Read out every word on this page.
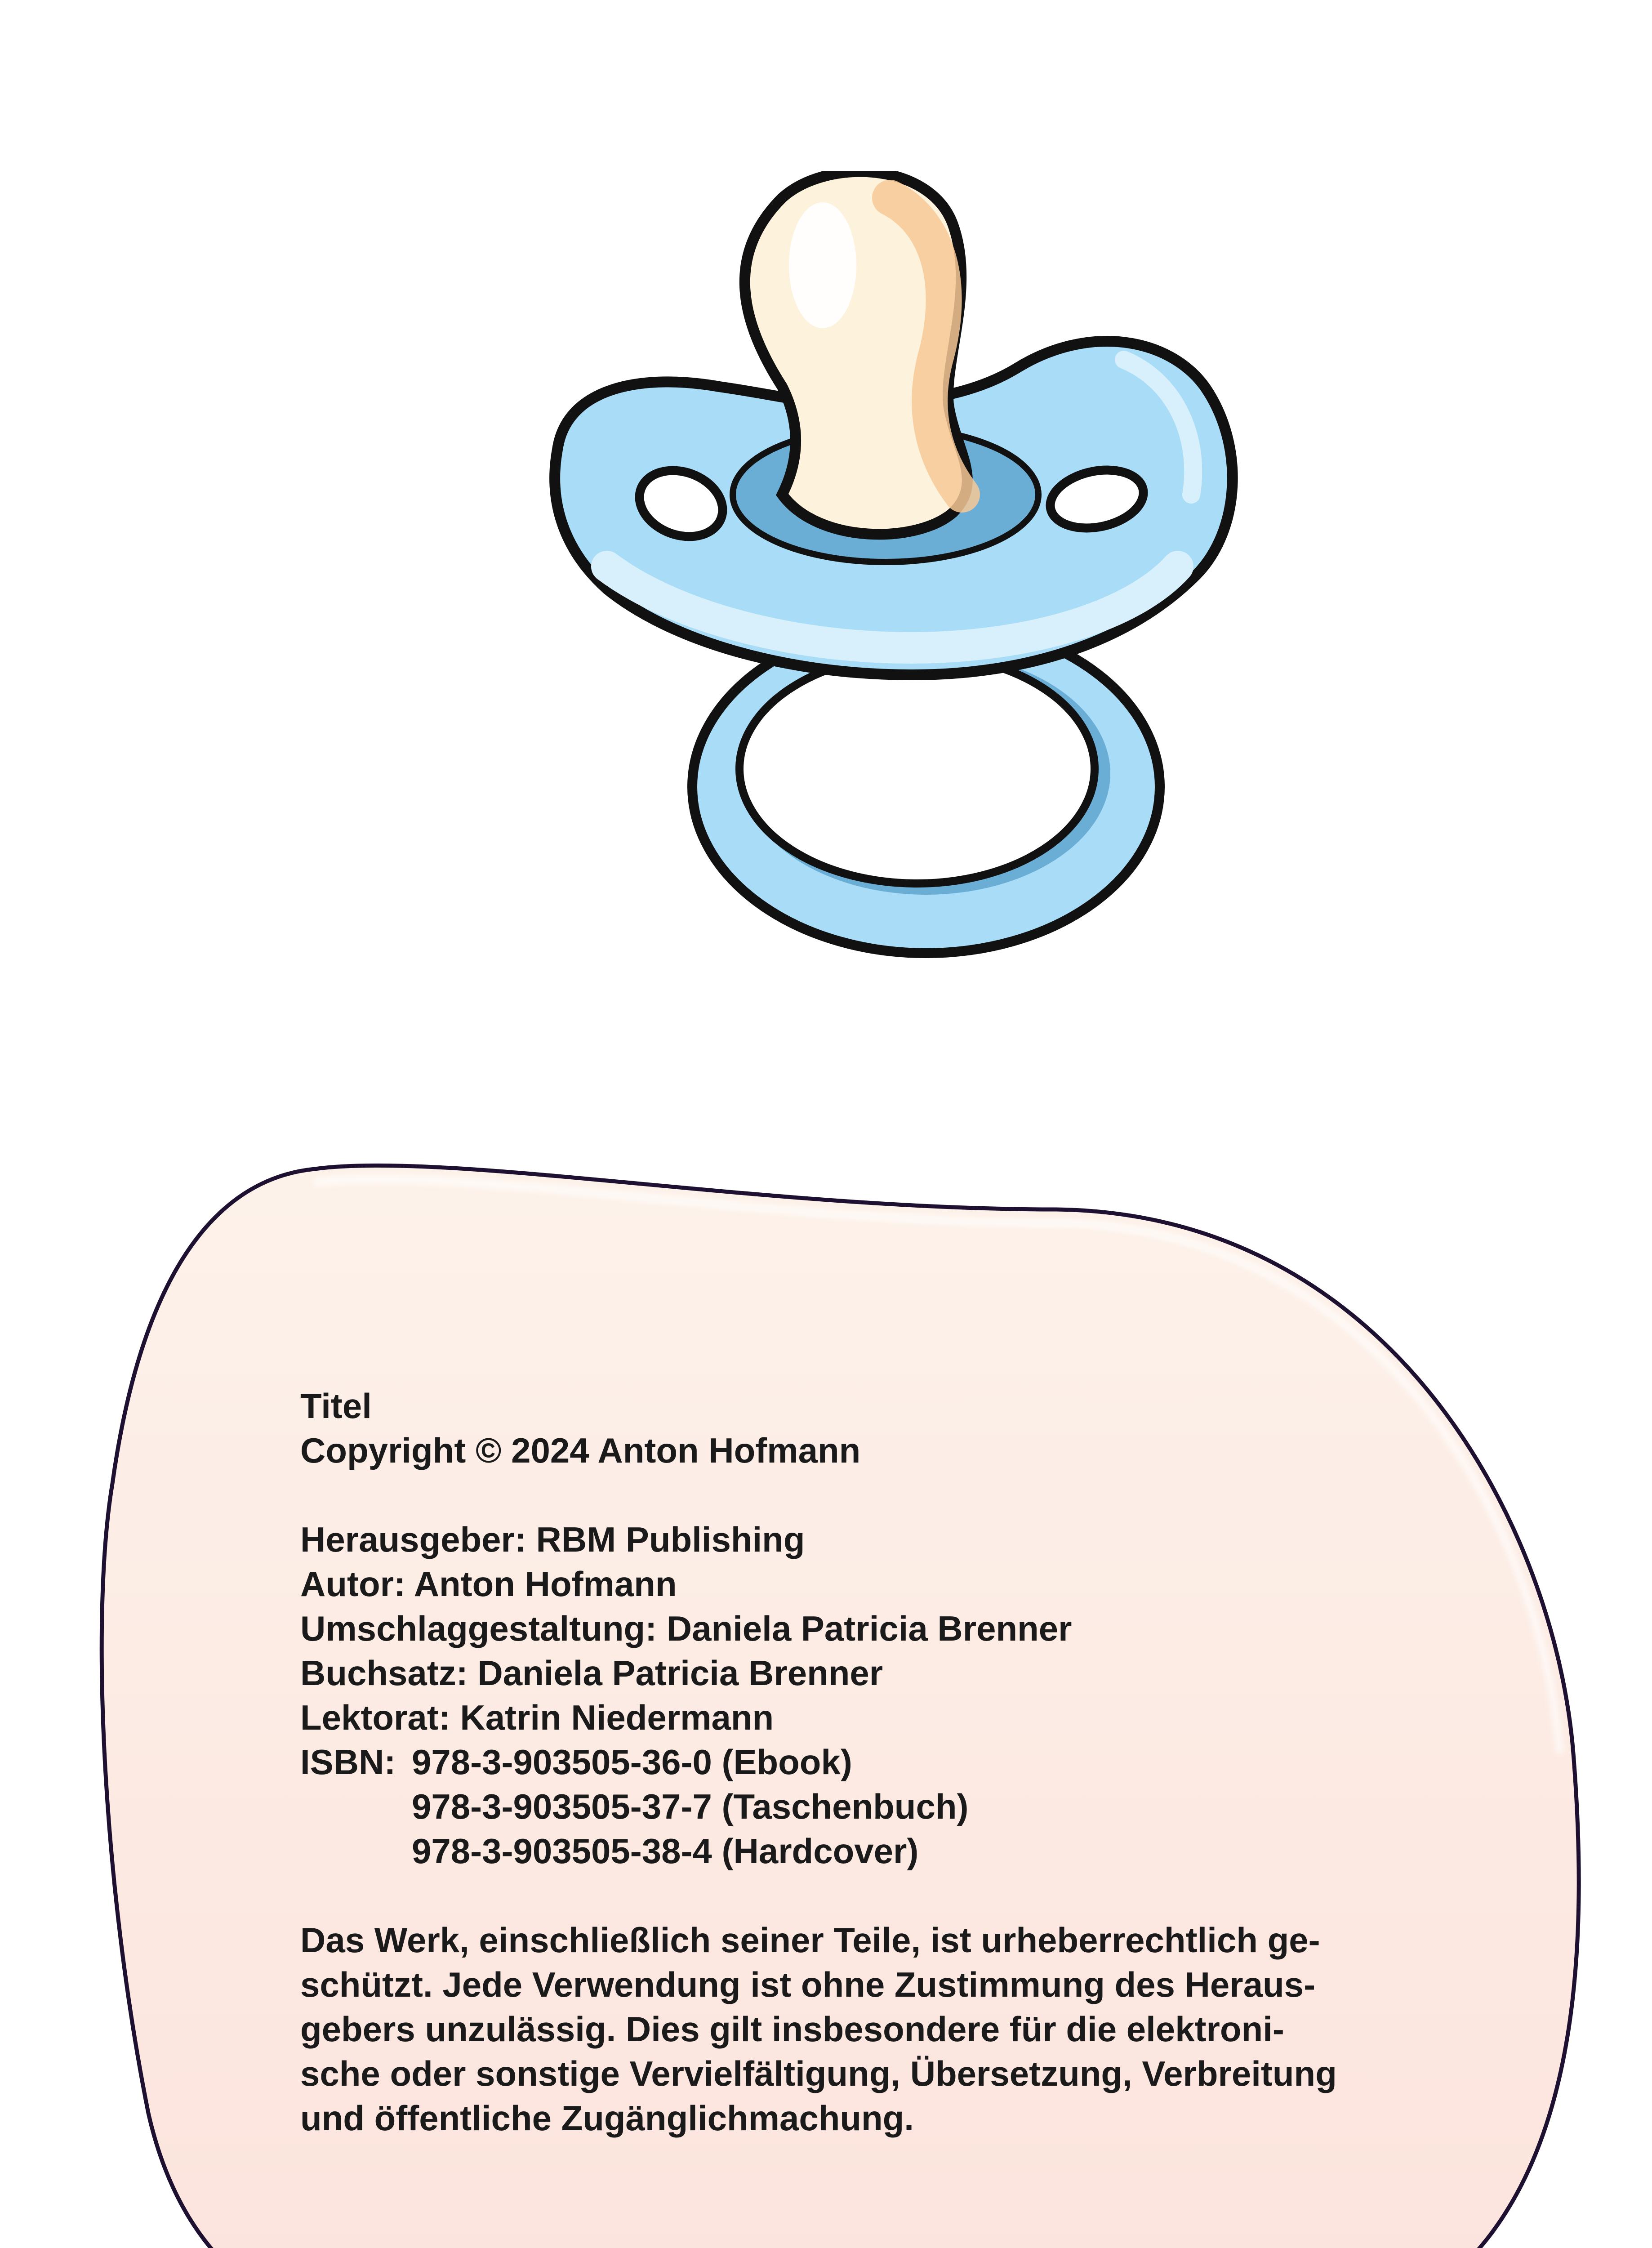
Titel
Copyright © 2024 Anton Hofmann
Herausgeber: RBM Publishing
Autor: Anton Hofmann
Umschlaggestaltung: Daniela Patricia Brenner
Buchsatz: Daniela Patricia Brenner
Lektorat: Katrin Niedermann
ISBN: 978-3-903505-36-0 (Ebook)
978-3-903505-37-7 (Taschenbuch)
978-3-903505-38-4 (Hardcover)
Das Werk, einschließlich seiner Teile, ist urheberrechtlich ge-
schützt. Jede Verwendung ist ohne Zustimmung des Heraus-
gebers unzulässig. Dies gilt insbesondere für die elektroni-
sche oder sonstige Vervielfältigung, Übersetzung, Verbreitung
und öffentliche Zugänglichmachung.
